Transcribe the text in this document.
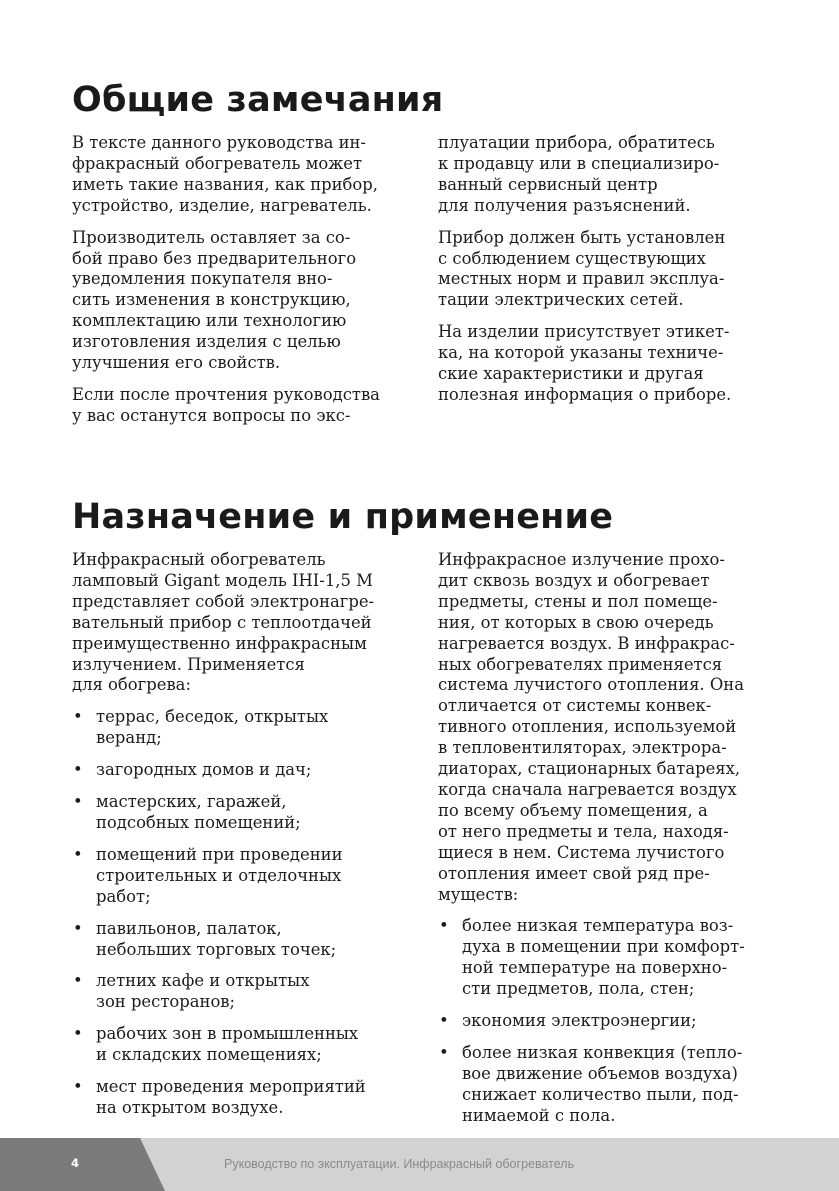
Общие замечания

В тексте данного руководства ин-
фракрасный обогреватель может
иметь такие названия, как прибор,
устройство, изделие, нагреватель.

Производитель оставляет за со-
бой право без предварительного
уведомления покупателя вно-
сить изменения в конструкцию,
комплектацию или технологию
изготовления изделия с целью
улучшения его свойств.

Если после прочтения руководства
у вас останутся вопросы по экс-

плуатации прибора, обратитесь
к продавцу или в специализиро-
ванный сервисный центр
для получения разъяснений.

Прибор должен быть установлен
с соблюдением существующих
местных норм и правил эксплуа-
тации электрических сетей.

На изделии присутствует этикет-
ка, на которой указаны техниче-
ские характеристики и другая
полезная информация о приборе.

Назначение и применение

Инфракрасный обогреватель
ламповый Gigant модель IHI-1,5 M
представляет собой электронагре-
вательный прибор с теплоотдачей
преимущественно инфракрасным
излучением. Применяется
для обогрева:

• террас, беседок, открытых
веранд;
• загородных домов и дач;
• мастерских, гаражей,
подсобных помещений;
• помещений при проведении
строительных и отделочных
работ;
• павильонов, палаток,
небольших торговых точек;
• летних кафе и открытых
зон ресторанов;
• рабочих зон в промышленных
и складских помещениях;
• мест проведения мероприятий
на открытом воздухе.

Инфракрасное излучение прохо-
дит сквозь воздух и обогревает
предметы, стены и пол помеще-
ния, от которых в свою очередь
нагревается воздух. В инфракрас-
ных обогревателях применяется
система лучистого отопления. Она
отличается от системы конвек-
тивного отопления, используемой
в тепловентиляторах, электрора-
диаторах, стационарных батареях,
когда сначала нагревается воздух
по всему объему помещения, а
от него предметы и тела, находя-
щиеся в нем. Система лучистого
отопления имеет свой ряд пре-
муществ:

• более низкая температура воз-
духа в помещении при комфорт-
ной температуре на поверхно-
сти предметов, пола, стен;
• экономия электроэнергии;
• более низкая конвекция (тепло-
вое движение объемов воздуха)
снижает количество пыли, под-
нимаемой с пола.
4	Руководство по эксплуатации. Инфракрасный обогреватель
